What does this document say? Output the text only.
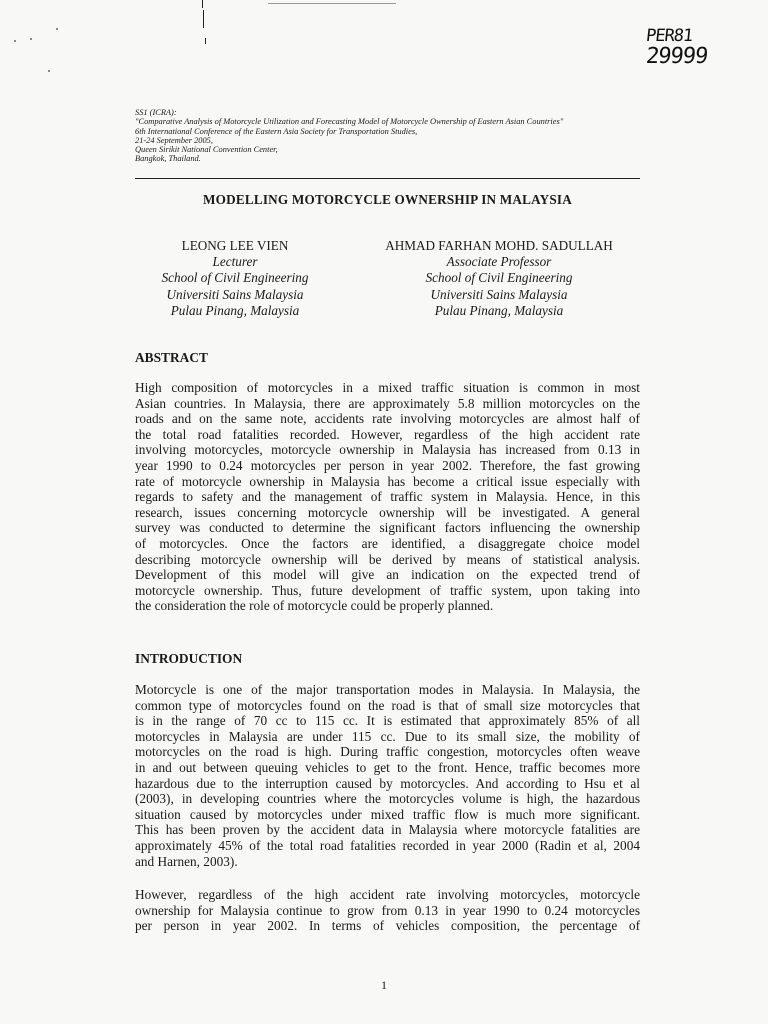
PER81
29999
SS1 (ICRA):
"Comparative Analysis of Motorcycle Utilization and Forecasting Model of Motorcycle Ownership of Eastern Asian Countries"
6th International Conference of the Eastern Asia Society for Transportation Studies,
21-24 September 2005,
Queen Sirikit National Convention Center,
Bangkok, Thailand.
MODELLING MOTORCYCLE OWNERSHIP IN MALAYSIA
LEONG LEE VIEN
Lecturer
School of Civil Engineering
Universiti Sains Malaysia
Pulau Pinang, Malaysia
AHMAD FARHAN MOHD. SADULLAH
Associate Professor
School of Civil Engineering
Universiti Sains Malaysia
Pulau Pinang, Malaysia
ABSTRACT
High composition of motorcycles in a mixed traffic situation is common in most
Asian countries. In Malaysia, there are approximately 5.8 million motorcycles on the
roads and on the same note, accidents rate involving motorcycles are almost half of
the total road fatalities recorded. However, regardless of the high accident rate
involving motorcycles, motorcycle ownership in Malaysia has increased from 0.13 in
year 1990 to 0.24 motorcycles per person in year 2002. Therefore, the fast growing
rate of motorcycle ownership in Malaysia has become a critical issue especially with
regards to safety and the management of traffic system in Malaysia. Hence, in this
research, issues concerning motorcycle ownership will be investigated. A general
survey was conducted to determine the significant factors influencing the ownership
of motorcycles. Once the factors are identified, a disaggregate choice model
describing motorcycle ownership will be derived by means of statistical analysis.
Development of this model will give an indication on the expected trend of
motorcycle ownership. Thus, future development of traffic system, upon taking into
the consideration the role of motorcycle could be properly planned.
INTRODUCTION
Motorcycle is one of the major transportation modes in Malaysia. In Malaysia, the
common type of motorcycles found on the road is that of small size motorcycles that
is in the range of 70 cc to 115 cc. It is estimated that approximately 85% of all
motorcycles in Malaysia are under 115 cc. Due to its small size, the mobility of
motorcycles on the road is high. During traffic congestion, motorcycles often weave
in and out between queuing vehicles to get to the front. Hence, traffic becomes more
hazardous due to the interruption caused by motorcycles. And according to Hsu et al
(2003), in developing countries where the motorcycles volume is high, the hazardous
situation caused by motorcycles under mixed traffic flow is much more significant.
This has been proven by the accident data in Malaysia where motorcycle fatalities are
approximately 45% of the total road fatalities recorded in year 2000 (Radin et al, 2004
and Harnen, 2003).
However, regardless of the high accident rate involving motorcycles, motorcycle
ownership for Malaysia continue to grow from 0.13 in year 1990 to 0.24 motorcycles
per person in year 2002. In terms of vehicles composition, the percentage of
1
